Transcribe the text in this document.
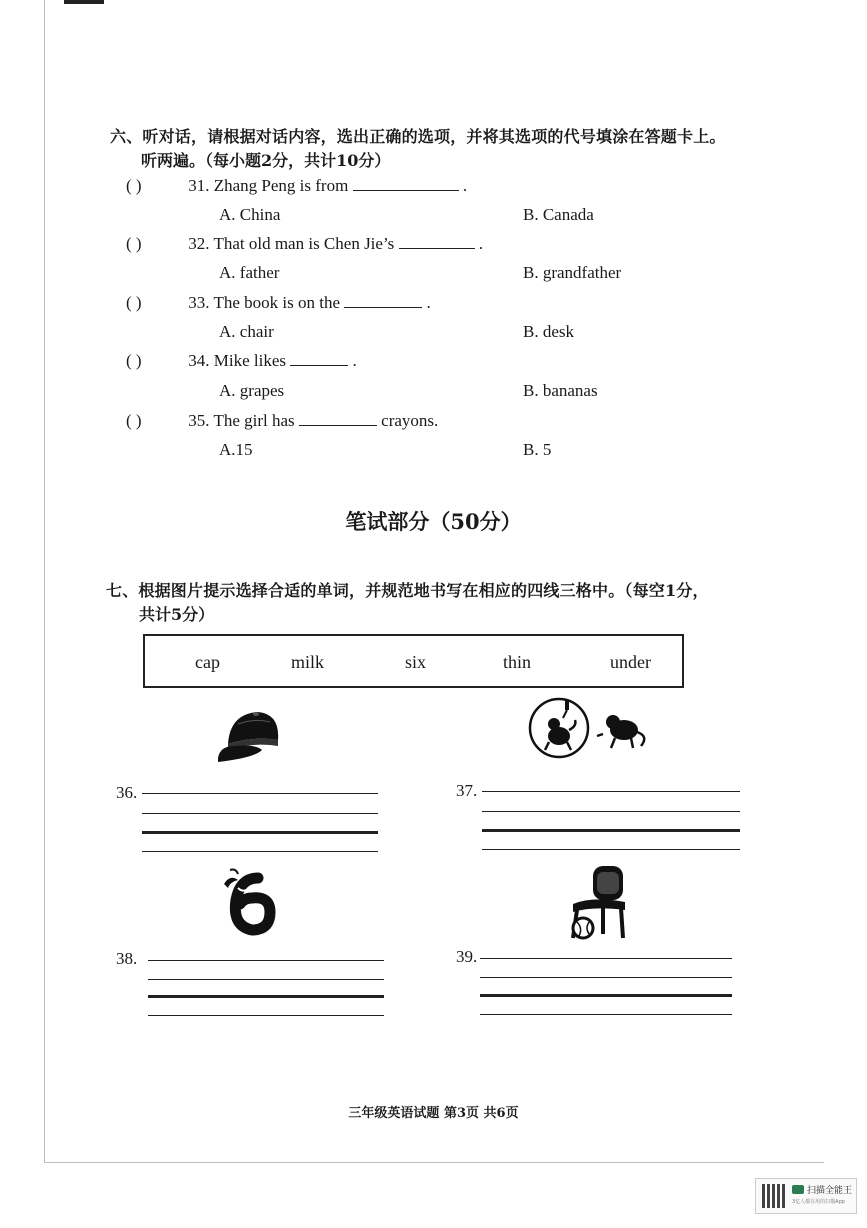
六、听对话，请根据对话内容，选出正确的选项，并将其选项的代号填涂在答题卡上。
听两遍。（每小题2分，共计10分）
( )	31. Zhang Peng is from	.
A. China	B. Canada
( )	32. That old man is Chen Jie’s	.
A. father	B. grandfather
( )	33. The book is on the	.
A. chair	B. desk
( )	34. Mike likes	.
A. grapes	B. bananas
( )	35. The girl has	crayons.
A.15	B. 5
笔试部分（50分）
七、根据图片提示选择合适的单词，并规范地书写在相应的四线三格中。（每空1分，
共计5分）
cap	milk	six	thin	under
36.	37.
38.	39.
三年级英语试题 第3页 共6页
扫描全能王
3亿人都在用的扫描App
